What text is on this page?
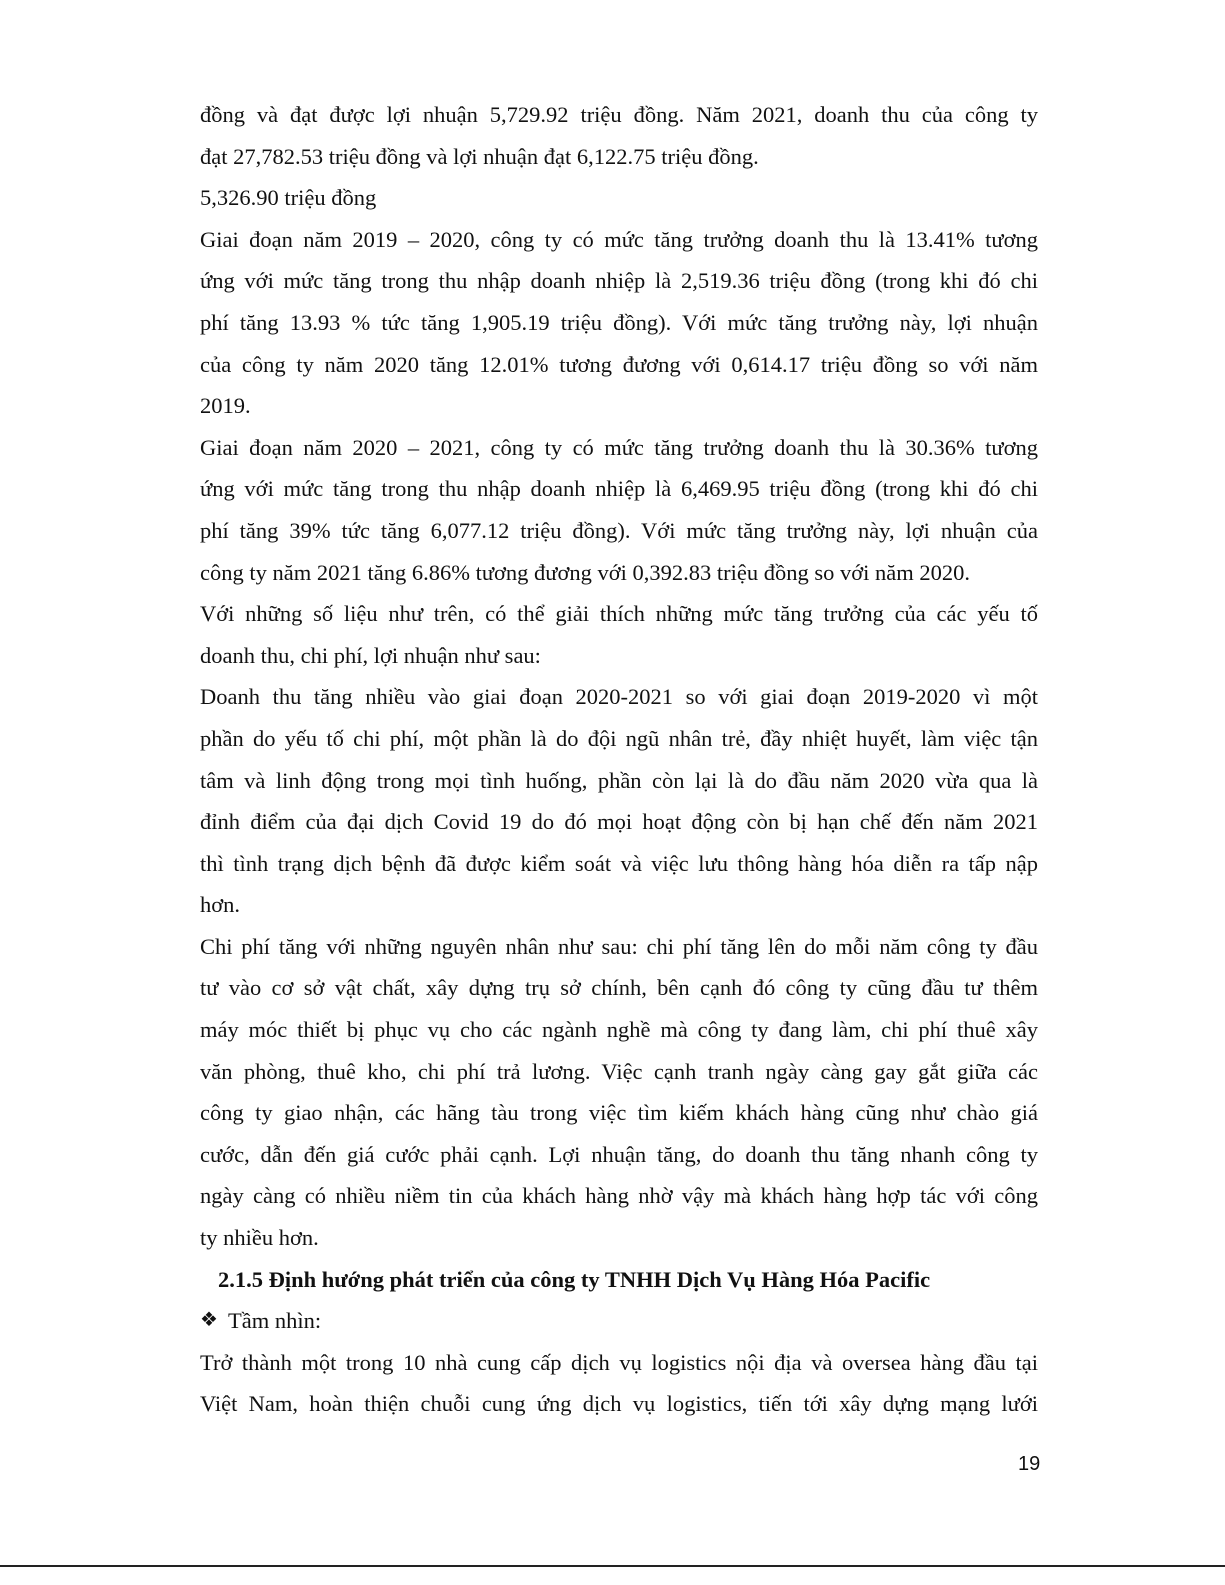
đồng và đạt được lợi nhuận 5,729.92 triệu đồng. Năm 2021, doanh thu của công ty
đạt 27,782.53 triệu đồng và lợi nhuận đạt 6,122.75 triệu đồng.
5,326.90 triệu đồng
Giai đoạn năm 2019 – 2020, công ty có mức tăng trưởng doanh thu là 13.41% tương
ứng với mức tăng trong thu nhập doanh nhiệp là 2,519.36 triệu đồng (trong khi đó chi
phí tăng 13.93 % tức tăng 1,905.19 triệu đồng). Với mức tăng trưởng này, lợi nhuận
của công ty năm 2020 tăng 12.01% tương đương với 0,614.17 triệu đồng so với năm
2019.
Giai đoạn năm 2020 – 2021, công ty có mức tăng trưởng doanh thu là 30.36% tương
ứng với mức tăng trong thu nhập doanh nhiệp là 6,469.95 triệu đồng (trong khi đó chi
phí tăng 39% tức tăng 6,077.12 triệu đồng). Với mức tăng trưởng này, lợi nhuận của
công ty năm 2021 tăng 6.86% tương đương với 0,392.83 triệu đồng so với năm 2020.
Với những số liệu như trên, có thể giải thích những mức tăng trưởng của các yếu tố
doanh thu, chi phí, lợi nhuận như sau:
Doanh thu tăng nhiều vào giai đoạn 2020-2021 so với giai đoạn 2019-2020 vì một
phần do yếu tố chi phí, một phần là do đội ngũ nhân trẻ, đầy nhiệt huyết, làm việc tận
tâm và linh động trong mọi tình huống, phần còn lại là do đầu năm 2020 vừa qua là
đỉnh điểm của đại dịch Covid 19 do đó mọi hoạt động còn bị hạn chế đến năm 2021
thì tình trạng dịch bệnh đã được kiểm soát và việc lưu thông hàng hóa diễn ra tấp nập
hơn.
Chi phí tăng với những nguyên nhân như sau: chi phí tăng lên do mỗi năm công ty đầu
tư vào cơ sở vật chất, xây dựng trụ sở chính, bên cạnh đó công ty cũng đầu tư thêm
máy móc thiết bị phục vụ cho các ngành nghề mà công ty đang làm, chi phí thuê xây
văn phòng, thuê kho, chi phí trả lương. Việc cạnh tranh ngày càng gay gắt giữa các
công ty giao nhận, các hãng tàu trong việc tìm kiếm khách hàng cũng như chào giá
cước, dẫn đến giá cước phải cạnh. Lợi nhuận tăng, do doanh thu tăng nhanh công ty
ngày càng có nhiều niềm tin của khách hàng nhờ vậy mà khách hàng hợp tác với công
ty nhiều hơn.
2.1.5 Định hướng phát triển của công ty TNHH Dịch Vụ Hàng Hóa Pacific
❖ Tầm nhìn:
Trở thành một trong 10 nhà cung cấp dịch vụ logistics nội địa và oversea hàng đầu tại
Việt Nam, hoàn thiện chuỗi cung ứng dịch vụ logistics, tiến tới xây dựng mạng lưới
19
